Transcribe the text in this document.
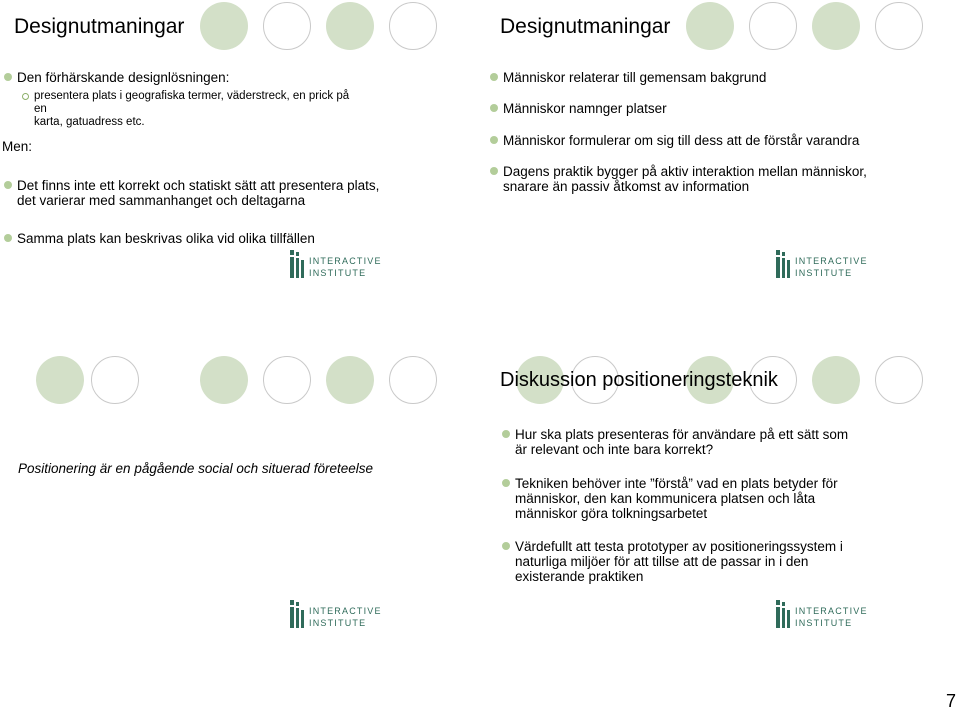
Designutmaningar
Den förhärskande designlösningen:
presentera plats i geografiska termer, väderstreck, en prick på en
karta, gatuadress etc.
Men:
Det finns inte ett korrekt och statiskt sätt att presentera plats,
det varierar med sammanhanget och deltagarna
Samma plats kan beskrivas olika vid olika tillfällen
INTERACTIVE
INSTITUTE
Designutmaningar
Människor relaterar till gemensam bakgrund
Människor namnger platser
Människor formulerar om sig till dess att de förstår varandra
Dagens praktik bygger på aktiv interaktion mellan människor,
snarare än passiv åtkomst av information
INTERACTIVE
INSTITUTE
Positionering är en pågående social och situerad företeelse
INTERACTIVE
INSTITUTE
Diskussion positioneringsteknik
Hur ska plats presenteras för användare på ett sätt som
är relevant och inte bara korrekt?
Tekniken behöver inte ”förstå” vad en plats betyder för
människor, den kan kommunicera platsen och låta
människor göra tolkningsarbetet
Värdefullt att testa prototyper av positioneringssystem i
naturliga miljöer för att tillse att de passar in i den
existerande praktiken
INTERACTIVE
INSTITUTE
7
